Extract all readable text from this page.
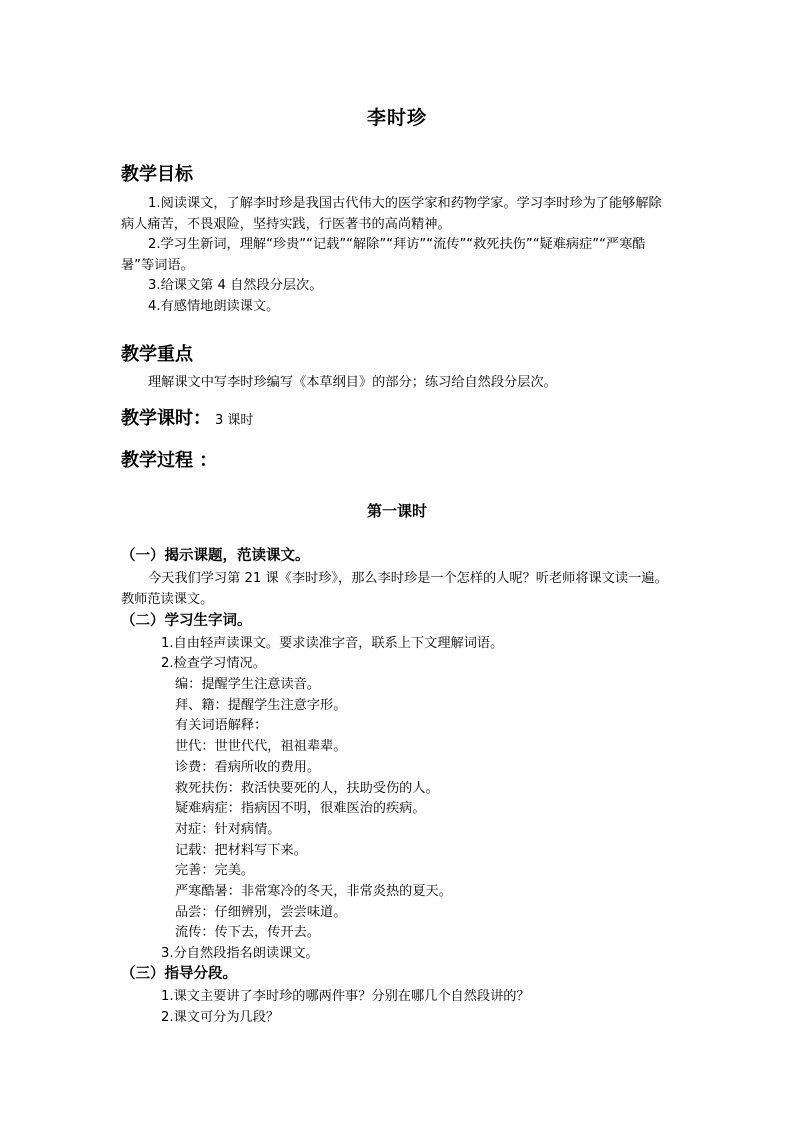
李时珍
教学目标
1.阅读课文，了解李时珍是我国古代伟大的医学家和药物学家。学习李时珍为了能够解除病人痛苦，不畏艰险，坚持实践，行医著书的高尚精神。
2.学习生新词，理解“珍贵”“记载”“解除”“拜访”“流传”“救死扶伤”“疑难病症”“严寒酷暑”等词语。
3.给课文第 4 自然段分层次。
4.有感情地朗读课文。
教学重点
理解课文中写李时珍编写《本草纲目》的部分；练习给自然段分层次。
教学课时： 3 课时
教学过程 ：
第一课时
（一）揭示课题，范读课文。
今天我们学习第 21 课《李时珍》，那么李时珍是一个怎样的人呢？听老师将课文读一遍。教师范读课文。
（二）学习生字词。
1.自由轻声读课文。要求读准字音，联系上下文理解词语。
2.检查学习情况。
编：提醒学生注意读音。
拜、籍：提醒学生注意字形。
有关词语解释：
世代：世世代代，祖祖辈辈。
诊费：看病所收的费用。
救死扶伤：救活快要死的人，扶助受伤的人。
疑难病症：指病因不明，很难医治的疾病。
对症：针对病情。
记载：把材料写下来。
完善：完美。
严寒酷暑：非常寒冷的冬天，非常炎热的夏天。
品尝：仔细辨别，尝尝味道。
流传：传下去，传开去。
3.分自然段指名朗读课文。
（三）指导分段。
1.课文主要讲了李时珍的哪两件事？分别在哪几个自然段讲的？
2.课文可分为几段？
